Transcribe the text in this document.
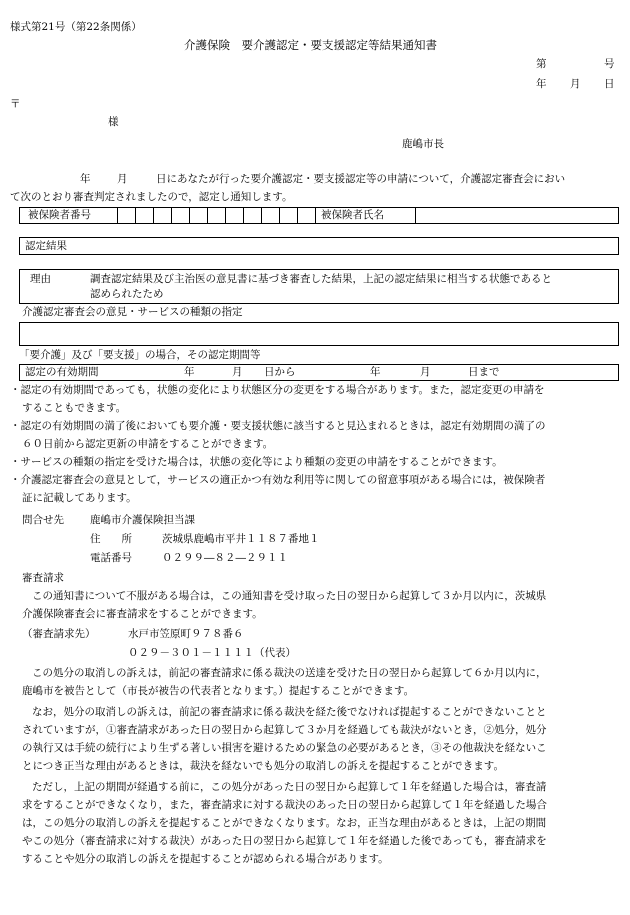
様式第21号（第22条関係）
介護保険　要介護認定・要支援認定等結果通知書
第	号
年 月 日
〒
様
鹿嶋市長
年	月	日にあなたが行った要介護認定・要支援認定等の申請について，介護認定審査会におい
て次のとおり審査判定されましたので，認定し通知します。
被保険者番号	被保険者氏名
認定結果
理由	調査認定結果及び主治医の意見書に基づき審査した結果，上記の認定結果に相当する状態であると
認められたため
介護認定審査会の意見・サービスの種類の指定
「要介護」及び「要支援」の場合，その認定期間等
認定の有効期間	年	月 日から	年	月	日まで
・認定の有効期間であっても，状態の変化により状態区分の変更をする場合があります。また，認定変更の申請を
することもできます。
・認定の有効期間の満了後においても要介護・要支援状態に該当すると見込まれるときは，認定有効期間の満了の
６０日前から認定更新の申請をすることができます。
・サービスの種類の指定を受けた場合は，状態の変化等により種類の変更の申請をすることができます。
・介護認定審査会の意見として，サービスの適正かつ有効な利用等に関しての留意事項がある場合には，被保険者
証に記載してあります。
問合せ先 鹿嶋市介護保険担当課
住　　所	茨城県鹿嶋市平井１１８７番地１
電話番号	０２９９―８２―２９１１
審査請求
この通知書について不服がある場合は，この通知書を受け取った日の翌日から起算して３か月以内に，茨城県
介護保険審査会に審査請求をすることができます。
（審査請求先）	水戸市笠原町９７８番６
０２９－３０１－１１１１（代表）
この処分の取消しの訴えは，前記の審査請求に係る裁決の送達を受けた日の翌日から起算して６か月以内に，
鹿嶋市を被告として（市長が被告の代表者となります。）提起することができます。
なお，処分の取消しの訴えは，前記の審査請求に係る裁決を経た後でなければ提起することができないことと
されていますが，①審査請求があった日の翌日から起算して３か月を経過しても裁決がないとき，②処分，処分
の執行又は手続の続行により生ずる著しい損害を避けるための緊急の必要があるとき，③その他裁決を経ないこ
とにつき正当な理由があるときは，裁決を経ないでも処分の取消しの訴えを提起することができます。
ただし，上記の期間が経過する前に，この処分があった日の翌日から起算して１年を経過した場合は，審査請
求をすることができなくなり，また，審査請求に対する裁決のあった日の翌日から起算して１年を経過した場合
は，この処分の取消しの訴えを提起することができなくなります。なお，正当な理由があるときは，上記の期間
やこの処分（審査請求に対する裁決）があった日の翌日から起算して１年を経過した後であっても，審査請求を
することや処分の取消しの訴えを提起することが認められる場合があります。
